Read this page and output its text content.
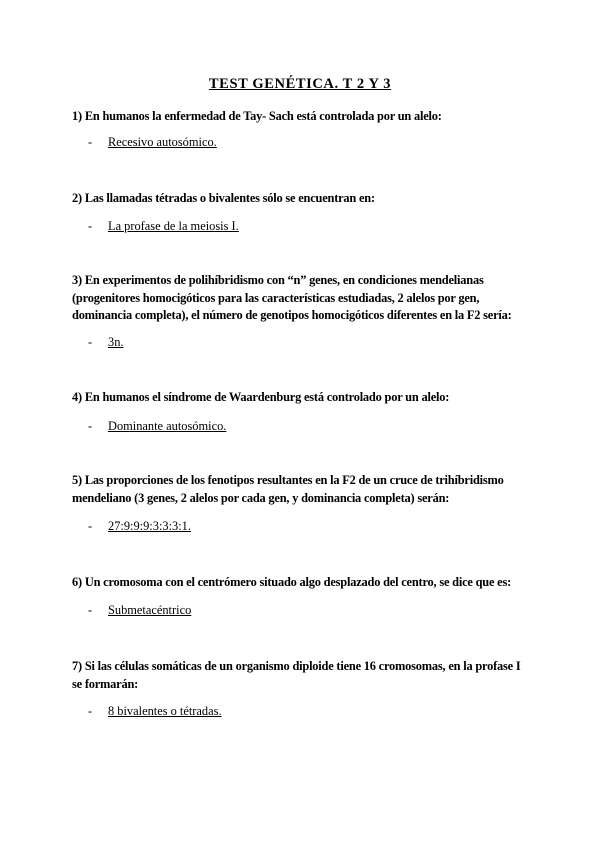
TEST GENÉTICA. T 2 Y 3
1) En humanos la enfermedad de Tay- Sach está controlada por un alelo:
- Recesivo autosómico.
2) Las llamadas tétradas o bivalentes sólo se encuentran en:
- La profase de la meiosis I.
3) En experimentos de polihíbridismo con “n” genes, en condiciones mendelianas (progenitores homocigóticos para las características estudiadas, 2 alelos por gen, dominancia completa), el número de genotipos homocigóticos diferentes en la F2 sería:
- 3n.
4) En humanos el síndrome de Waardenburg está controlado por un alelo:
- Dominante autosómico.
5) Las proporciones de los fenotipos resultantes en la F2 de un cruce de trihíbridismo mendeliano (3 genes, 2 alelos por cada gen, y dominancia completa) serán:
- 27:9:9:9:3:3:3:1.
6) Un cromosoma con el centrómero situado algo desplazado del centro, se dice que es:
- Submetacéntrico
7) Si las células somáticas de un organismo diploide tiene 16 cromosomas, en la profase I se formarán:
- 8 bivalentes o tétradas.
